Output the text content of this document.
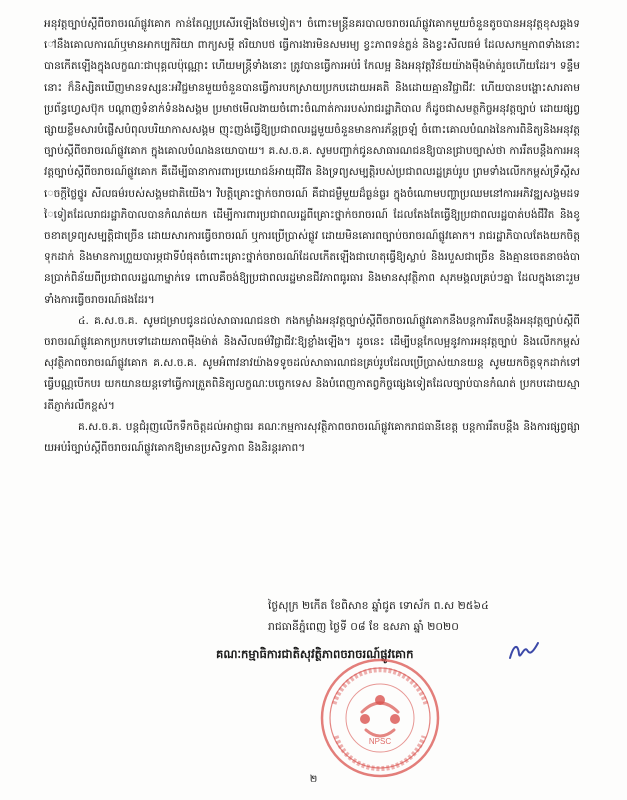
អនុវត្តច្បាប់ស្តីពីចរាចរណ៍ផ្លូវគោក កាន់តែល្អប្រសើរឡើងថែមទៀត។ ចំពោះមន្ត្រីនគរបាលចរាចរណ៍ផ្លូវគោកមួយចំនួនតូចបានអនុវត្តខុសឆ្គងទៅនឹងគោលការណ៍ឬមានអាកប្បកិរិយា ពាក្យសម្តី ឥរិយាបថ ធ្វើការងារមិនសមរម្យ ខ្វះភាពទន់ភ្លន់ និងខ្វះសីលធម៌ ដែលសកម្មភាពទាំងនោះ បានកើតឡើងក្នុងលក្ខណៈជាបុគ្គលប៉ុណ្ណោះ ហើយមន្ត្រីទាំងនោះ ត្រូវបានធ្វើការអប់រំ កែលម្អ និងអនុវត្តវិន័យយ៉ាងម៉ឺងម៉ាត់រួចហើយដែរ។ ទន្ទឹមនោះ ក៏និស្សិតឃើញមានទស្សនៈអវិជ្ជមានមួយចំនួនបានធ្វើការបកស្រាយប្រកបដោយអគតិ និងដោយគ្មានវិជ្ជាជីវៈ ហើយបានបង្ហោះសារតាមប្រព័ន្ធហ្វេសប៊ុក បណ្តាញទំនាក់ទំនងសង្គម ប្រមាថមើលងាយចំពោះចំណាត់ការរបស់រាជរដ្ឋាភិបាល ក៏ដូចជាសមត្ថកិច្ចអនុវត្តច្បាប់ ដោយផ្សព្វផ្សាយខ្លឹមសារបំផ្លើសបំពុលបរិយាកាសសង្គម ញុះញង់ធ្វើឱ្យប្រជាពលរដ្ឋមួយចំនួនមានការភ័ន្តច្រឡំ ចំពោះគោលបំណងនៃការពិនិត្យនិងអនុវត្តច្បាប់ស្តីពីចរាចរណ៍ផ្លូវគោក ក្នុងគោលបំណងនយោបាយ។ គ.ស.ច.គ. សូមបញ្ជាក់ជូនសាធារណជនឱ្យបានជ្រាបច្បាស់ថា ការរឹតបន្តឹងការអនុវត្តច្បាប់ស្តីពីចរាចរណ៍ផ្លូវគោក គឺដើម្បីធានាការពារប្រយោជន៍អាយុជីវិត និងទ្រព្យសម្បត្តិរបស់ប្រជាពលរដ្ឋគ្រប់រូប ព្រមទាំងលើកកម្ពស់ទ្រឹស្តីសេចក្តីថ្លៃថ្នូរ សីលធម៌របស់សង្គមជាតិយើង។ វិបត្តិគ្រោះថ្នាក់ចរាចរណ៍ គឺជាជម្ងឺមួយដ៏ធ្ងន់ធ្ងរ ក្នុងចំណោមបញ្ហាប្រឈមនៅការអភិវឌ្ឍសង្គមដទៃទៀតដែលរាជរដ្ឋាភិបាលបានកំណត់យក ដើម្បីការពារប្រជាពលរដ្ឋពីគ្រោះថ្នាក់ចរាចរណ៍ ដែលតែងតែធ្វើឱ្យប្រជាពលរដ្ឋបាត់បង់ជីវិត និងខូចខាតទ្រព្យសម្បត្តិជាច្រើន ដោយសារការធ្វើចរាចរណ៍ ឬការប្រើប្រាស់ផ្លូវ ដោយមិនគោរពច្បាប់ចរាចរណ៍ផ្លូវគោក។ រាជរដ្ឋាភិបាលតែងយកចិត្តទុកដាក់ និងមានការព្រួយបារម្ភជាទីបំផុតចំពោះគ្រោះថ្នាក់ចរាចរណ៍ដែលកើតឡើងជាហេតុធ្វើឱ្យស្លាប់ និងរបួសជាច្រើន និងគ្មានចេតនាចង់បានប្រាក់ពិន័យពីប្រជាពលរដ្ឋណាម្នាក់ទេ ពោលគឺចង់ឱ្យប្រជាពលរដ្ឋមានជីវភាពធូរធារ និងមានសុវត្ថិភាព សុភមង្គលគ្រប់ៗគ្នា ដែលក្នុងនោះរួមទាំងការធ្វើចរាចរណ៍ផងដែរ។

៤. គ.ស.ច.គ. សូមជម្រាបជូនដល់សាធារណជនថា កងកម្លាំងអនុវត្តច្បាប់ស្តីពីចរាចរណ៍ផ្លូវគោកនឹងបន្តការរឹតបន្តឹងអនុវត្តច្បាប់ស្តីពីចរាចរណ៍ផ្លូវគោកប្រកបទៅដោយភាពម៉ឺងម៉ាត់ និងសីលធម៌វិជ្ជាជីវៈឱ្យខ្លាំងឡើង។ ដូចនេះ ដើម្បីបន្តកែលម្អនូវការអនុវត្តច្បាប់ និងលើកកម្ពស់សុវត្ថិភាពចរាចរណ៍ផ្លូវគោក គ.ស.ច.គ. សូមអំពាវនាវយ៉ាងទទូចដល់សាធារណជនគ្រប់រូបដែលប្រើប្រាស់យានយន្ត សូមយកចិត្តទុកដាក់ទៅធ្វើបណ្ណបើកបរ យកយានយន្តទៅធ្វើការត្រួតពិនិត្យលក្ខណៈបច្ចេកទេស និងបំពេញកាតព្វកិច្ចផ្សេងទៀតដែលច្បាប់បានកំណត់ ប្រកបដោយស្មារតីភ្ញាក់រលឹកខ្ពស់។

គ.ស.ច.គ. បន្តជំរុញលើកទឹកចិត្តដល់អាជ្ញាធរ គណៈកម្មការសុវត្ថិភាពចរាចរណ៍ផ្លូវគោករាជធានីខេត្ត បន្តការរឹតបន្តឹង និងការផ្សព្វផ្សាយអប់រំច្បាប់ស្តីពីចរាចរណ៍ផ្លូវគោកឱ្យមានប្រសិទ្ធភាព និងនិរន្តរភាព។

ថ្ងៃសុក្រ ២កើត ខែពិសាខ ឆ្នាំជូត ទោស័ក ព.ស ២៥៦៤
រាជធានីភ្នំពេញ ថ្ងៃទី ០៨ ខែ ឧសភា ឆ្នាំ ២០២០
គណៈកម្មាធិការជាតិសុវត្ថិភាពចរាចរណ៍ផ្លូវគោក
NPSC
២
